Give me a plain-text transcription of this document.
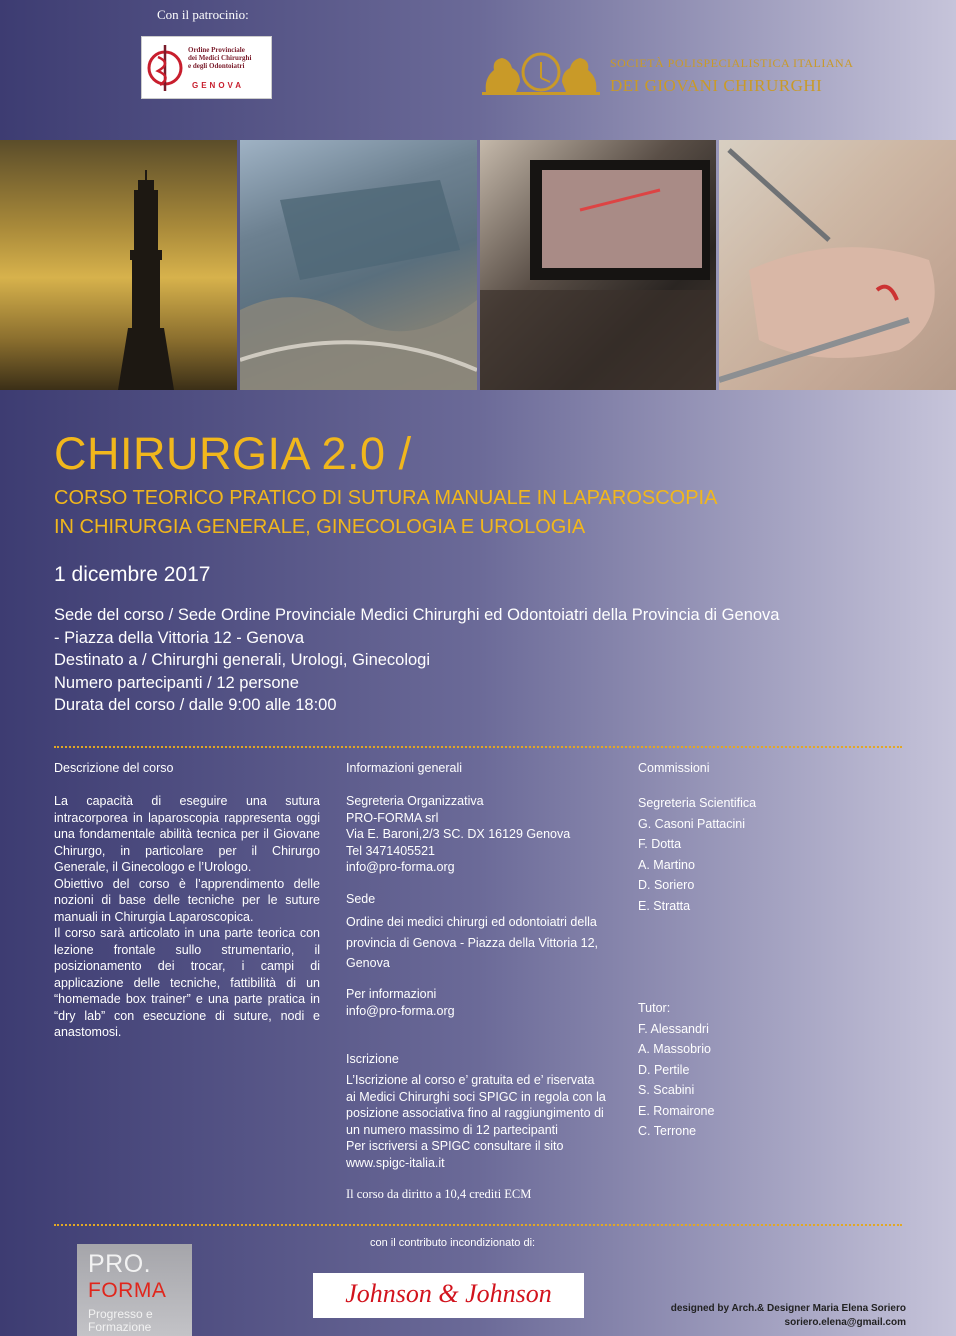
Con il patrocinio:
Ordine Provinciale
dei Medici Chirurghi
e degli Odontoiatri
GENOVA
SOCIETÀ POLISPECIALISTICA ITALIANA
DEI GIOVANI CHIRURGHI
CHIRURGIA 2.0 /
CORSO TEORICO PRATICO DI SUTURA MANUALE IN LAPAROSCOPIA
IN CHIRURGIA GENERALE, GINECOLOGIA E UROLOGIA
1 dicembre 2017
Sede del corso / Sede Ordine Provinciale Medici Chirurghi ed Odontoiatri della Provincia di Genova
- Piazza della Vittoria 12 - Genova
Destinato a / Chirurghi generali, Urologi, Ginecologi
Numero partecipanti / 12 persone
Durata del corso / dalle 9:00 alle 18:00
Descrizione del corso

La capacità di eseguire una sutura intracorporea in laparoscopia rappresenta oggi una fondamentale abilità tecnica per il Giovane Chirurgo, in particolare per il Chirurgo Generale, il Ginecologo e l’Urologo.

Obiettivo del corso è l’apprendimento delle nozioni di base delle tecniche per le suture manuali in Chirurgia Laparoscopica.

Il corso sarà articolato in una parte teorica con lezione frontale sullo strumentario, il posizionamento dei trocar, i campi di applicazione delle tecniche, fattibilità di un “homemade box trainer” e una parte pratica in “dry lab” con esecuzione di suture, nodi e anastomosi.

Informazioni generali
Segreteria Organizzativa
PRO-FORMA srl
Via E. Baroni,2/3 SC. DX 16129 Genova
Tel 3471405521
info@pro-forma.org
Sede
Ordine dei medici chirurgi ed odontoiatri della
provincia di Genova - Piazza della Vittoria 12,
Genova
Per informazioni
info@pro-forma.org
Iscrizione
L’Iscrizione al corso e’ gratuita ed e’ riservata
ai Medici Chirurghi soci SPIGC in regola con la
posizione associativa fino al raggiungimento di
un numero massimo di 12 partecipanti
Per iscriversi a SPIGC consultare il sito
www.spigc-italia.it
Il corso da diritto a 10,4 crediti ECM
Commissioni
Segreteria Scientifica
G. Casoni Pattacini
F. Dotta
A. Martino
D. Soriero
E. Stratta
Tutor:
F. Alessandri
A. Massobrio
D. Pertile
S. Scabini
E. Romairone
C. Terrone
con il contributo incondizionato di:
PRO.
FORMA
Progresso e
Formazione
Johnson & Johnson
designed by Arch.& Designer Maria Elena Soriero
soriero.elena@gmail.com
